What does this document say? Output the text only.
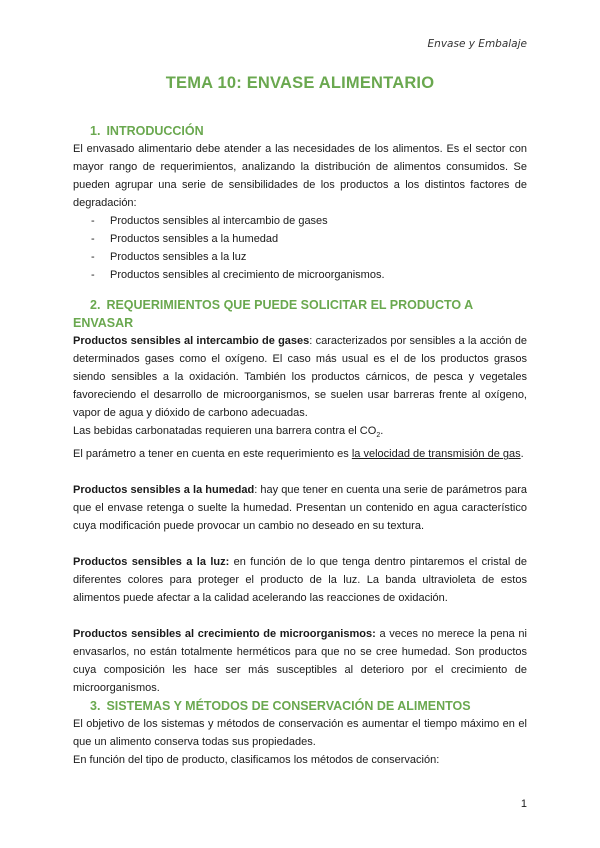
Envase y Embalaje
TEMA 10: ENVASE ALIMENTARIO
1. INTRODUCCIÓN

El envasado alimentario debe atender a las necesidades de los alimentos. Es el sector con mayor rango de requerimientos, analizando la distribución de alimentos consumidos. Se pueden agrupar una serie de sensibilidades de los productos a los distintos factores de degradación:

- Productos sensibles al intercambio de gases
- Productos sensibles a la humedad
- Productos sensibles a la luz
- Productos sensibles al crecimiento de microorganismos.
2. REQUERIMIENTOS QUE PUEDE SOLICITAR EL PRODUCTO A ENVASAR

Productos sensibles al intercambio de gases: caracterizados por sensibles a la acción de determinados gases como el oxígeno. El caso más usual es el de los productos grasos siendo sensibles a la oxidación. También los productos cárnicos, de pesca y vegetales favoreciendo el desarrollo de microorganismos, se suelen usar barreras frente al oxígeno, vapor de agua y dióxido de carbono adecuadas.

Las bebidas carbonatadas requieren una barrera contra el $CO_2$.

El parámetro a tener en cuenta en este requerimiento es la velocidad de transmisión de gas.

Productos sensibles a la humedad: hay que tener en cuenta una serie de parámetros para que el envase retenga o suelte la humedad. Presentan un contenido en agua característico cuya modificación puede provocar un cambio no deseado en su textura.

Productos sensibles a la luz: en función de lo que tenga dentro pintaremos el cristal de diferentes colores para proteger el producto de la luz. La banda ultravioleta de estos alimentos puede afectar a la calidad acelerando las reacciones de oxidación.

Productos sensibles al crecimiento de microorganismos: a veces no merece la pena ni envasarlos, no están totalmente herméticos para que no se cree humedad. Son productos cuya composición les hace ser más susceptibles al deterioro por el crecimiento de microorganismos.

3. SISTEMAS Y MÉTODOS DE CONSERVACIÓN DE ALIMENTOS

El objetivo de los sistemas y métodos de conservación es aumentar el tiempo máximo en el que un alimento conserva todas sus propiedades.

En función del tipo de producto, clasificamos los métodos de conservación:

1
